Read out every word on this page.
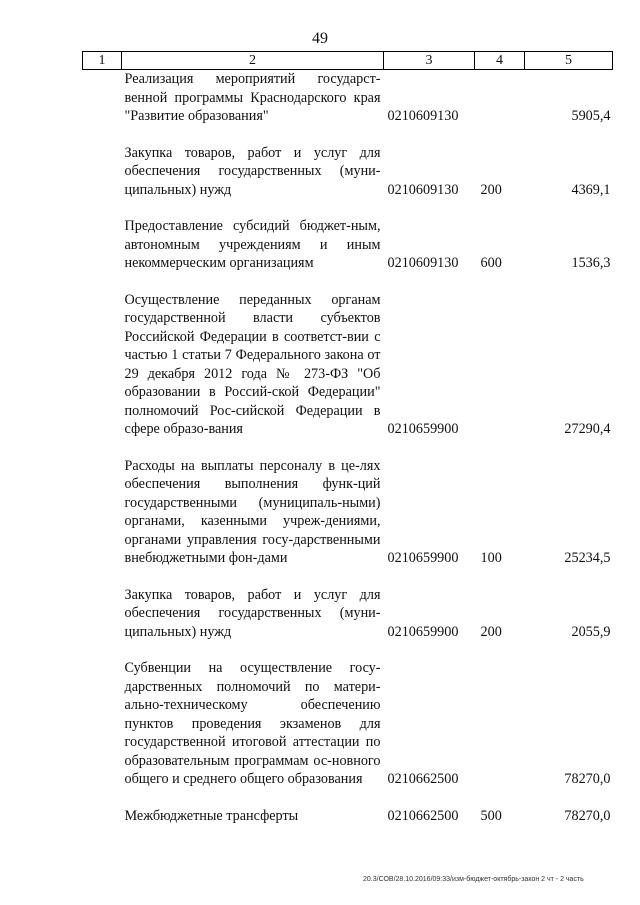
49
1	2	3	4	5
	Реализация мероприятий государст-венной программы Краснодарского края "Развитие образования"	0210609130		5905,4

	Закупка товаров, работ и услуг для обеспечения государственных (муни-ципальных) нужд	0210609130	200	4369,1

	Предоставление субсидий бюджет-ным, автономным учреждениям и иным некоммерческим организациям	0210609130	600	1536,3

	Осуществление переданных органам государственной власти субъектов Российской Федерации в соответст-вии с частью 1 статьи 7 Федерального закона от 29 декабря 2012 года № 273-ФЗ "Об образовании в Россий-ской Федерации" полномочий Рос-сийской Федерации в сфере образо-вания	0210659900		27290,4

	Расходы на выплаты персоналу в це-лях обеспечения выполнения функ-ций государственными (муниципаль-ными) органами, казенными учреж-дениями, органами управления госу-дарственными внебюджетными фон-дами	0210659900	100	25234,5

	Закупка товаров, работ и услуг для обеспечения государственных (муни-ципальных) нужд	0210659900	200	2055,9

	Субвенции на осуществление госу-дарственных полномочий по матери-ально-техническому обеспечению пунктов проведения экзаменов для государственной итоговой аттестации по образовательным программам ос-новного общего и среднего общего образования	0210662500		78270,0

	Межбюджетные трансферты	0210662500	500	78270,0
20.3/СОВ/28.10.2016/09:33/изм-бюджет-октябрь-закон 2 чт - 2 часть
